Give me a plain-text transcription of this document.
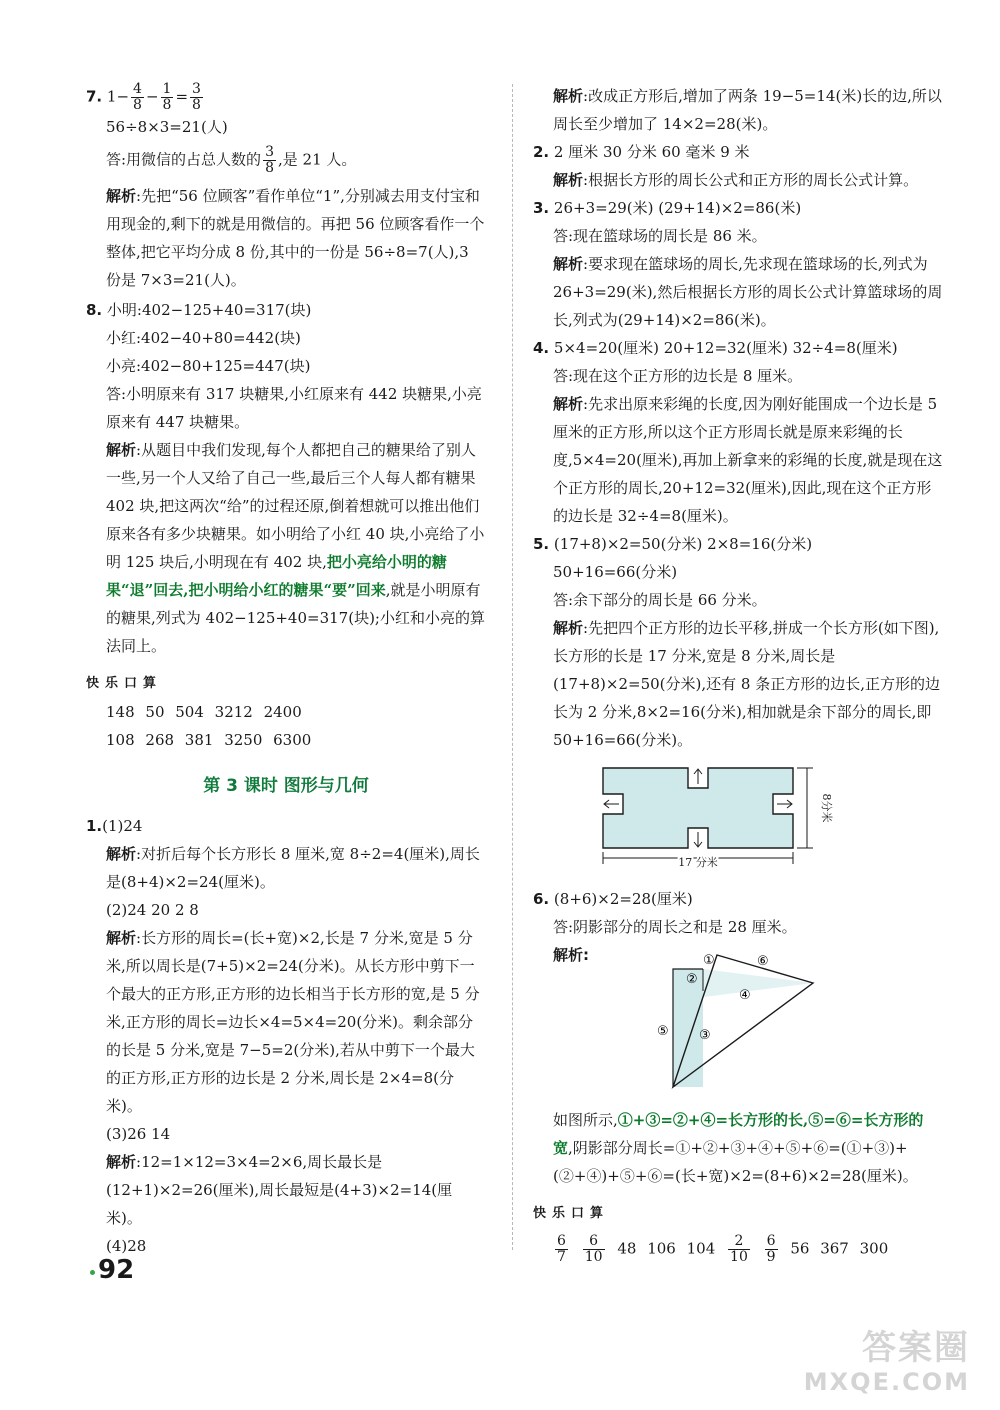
7. $1- \frac{4}{8} - \frac{1}{8} = \frac{3}{8}$

56÷8×3=21(人)

答:用微信的占总人数的 $\frac{3}{8}$ ,是 21 人。

解析:先把“56 位顾客”看作单位“1”,分别减去用支付宝和用现金的,剩下的就是用微信的。再把 56 位顾客看作一个整体,把它平均分成 8 份,其中的一份是 56÷8=7(人),3 份是 7×3=21(人)。

8. 小明:402−125+40=317(块)

小红:402−40+80=442(块)

小亮:402−80+125=447(块)

答:小明原来有 317 块糖果,小红原来有 442 块糖果,小亮原来有 447 块糖果。

解析:从题目中我们发现,每个人都把自己的糖果给了别人一些,另一个人又给了自己一些,最后三个人每人都有糖果 402 块,把这两次“给”的过程还原,倒着想就可以推出他们原来各有多少块糖果。如小明给了小红 40 块,小亮给了小明 125 块后,小明现在有 402 块,把小亮给小明的糖果“退”回去,把小明给小红的糖果“要”回来,就是小明原有的糖果,列式为 402−125+40=317(块);小红和小亮的算法同上。

快乐口算

148 50 504 3212 2400

108 268 381 3250 6300

第 3 课时 图形与几何

1.(1)24

解析:对折后每个长方形长 8 厘米,宽 8÷2=4(厘米),周长是(8+4)×2=24(厘米)。

(2)24 20 2 8

解析:长方形的周长=(长+宽)×2,长是 7 分米,宽是 5 分米,所以周长是(7+5)×2=24(分米)。从长方形中剪下一个最大的正方形,正方形的边长相当于长方形的宽,是 5 分米,正方形的周长=边长×4=5×4=20(分米)。剩余部分的长是 5 分米,宽是 7−5=2(分米),若从中剪下一个最大的正方形,正方形的边长是 2 分米,周长是 2×4=8(分米)。

(3)26 14

解析:12=1×12=3×4=2×6,周长最长是(12+1)×2=26(厘米),周长最短是(4+3)×2=14(厘米)。

(4)28

解析:改成正方形后,增加了两条 19−5=14(米)长的边,所以周长至少增加了 14×2=28(米)。

2. 2 厘米 30 分米 60 毫米 9 米

解析:根据长方形的周长公式和正方形的周长公式计算。

3. 26+3=29(米) (29+14)×2=86(米)

答:现在篮球场的周长是 86 米。

解析:要求现在篮球场的周长,先求现在篮球场的长,列式为 26+3=29(米),然后根据长方形的周长公式计算篮球场的周长,列式为(29+14)×2=86(米)。

4. 5×4=20(厘米) 20+12=32(厘米) 32÷4=8(厘米)

答:现在这个正方形的边长是 8 厘米。

解析:先求出原来彩绳的长度,因为刚好能围成一个边长是 5 厘米的正方形,所以这个正方形周长就是原来彩绳的长度,5×4=20(厘米),再加上新拿来的彩绳的长度,就是现在这个正方形的周长,20+12=32(厘米),因此,现在这个正方形的边长是 32÷4=8(厘米)。

5. (17+8)×2=50(分米) 2×8=16(分米)

50+16=66(分米)

答:余下部分的周长是 66 分米。

解析:先把四个正方形的边长平移,拼成一个长方形(如下图),长方形的长是 17 分米,宽是 8 分米,周长是(17+8)×2=50(分米),还有 8 条正方形的边长,正方形的边长为 2 分米,8×2=16(分米),相加就是余下部分的周长,即 50+16=66(分米)。

17 分米
8分米

6. (8+6)×2=28(厘米)

答:阴影部分的周长之和是 28 厘米。

解析:	①
②
③
④
⑤
⑥

如图所示,①+③=②+④=长方形的长,⑤=⑥=长方形的宽,阴影部分周长=①+②+③+④+⑤+⑥=(①+③)+(②+④)+⑤+⑥=(长+宽)×2=(8+6)×2=28(厘米)。

快乐口算

$\frac{6}{7}$
$\frac{6}{10} 48$ 106 $104 \frac{2}{10}$
$\frac{6}{9} 56$ 367 300

92
答案圈
MXQE.COM
